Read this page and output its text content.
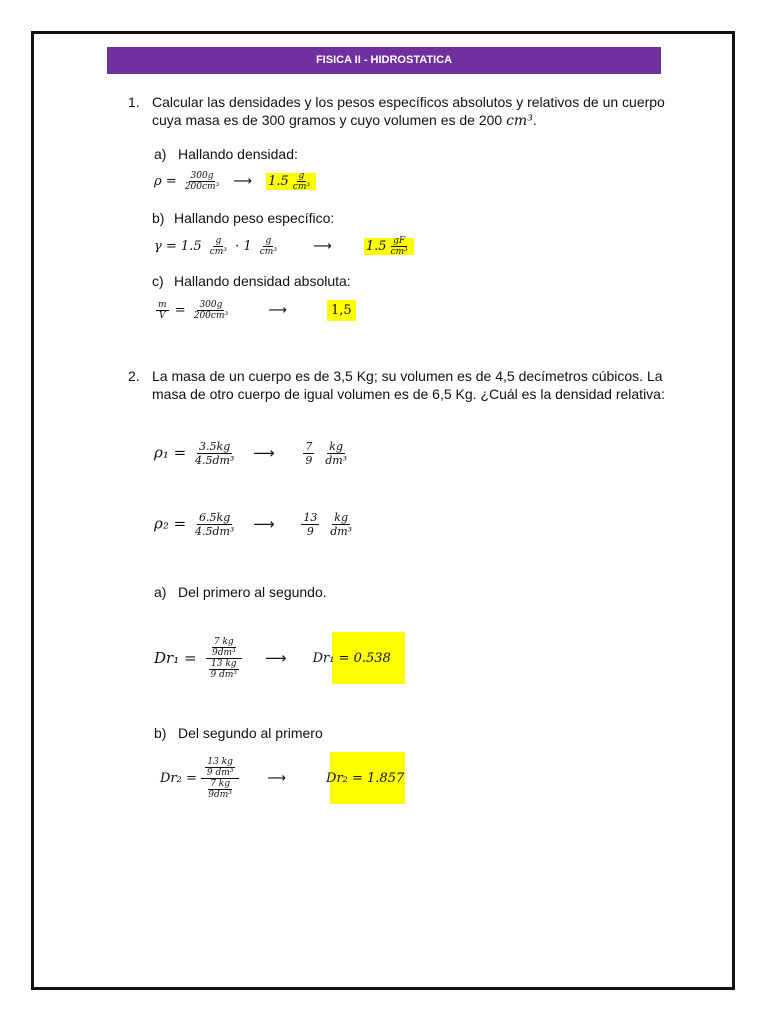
FISICA II - HIDROSTATICA
1. Calcular las densidades y los pesos específicos absolutos y relativos de un cuerpo
cuya masa es de 300 gramos y cuyo volumen es de 200 cm³.
a) Hallando densidad:
$\rho = \frac{300g}{\text{200cm³}}$ ⟶ $1.5 \frac{g}{\text{cm³}}$
b) Hallando peso específico:
$\gamma = 1.5 \frac{g}{\text{cm³}} \cdot 1 \frac{g}{\text{cm³}}$	⟶	$1.5 \frac{gF}{\text{cm³}}$
c) Hallando densidad absoluta:
$\frac{m}{V} = \frac{300g}{\text{200cm³}}$	⟶	1,5
2. La masa de un cuerpo es de 3,5 Kg; su volumen es de 4,5 decímetros cúbicos. La
masa de otro cuerpo de igual volumen es de 6,5 Kg. ¿Cuál es la densidad relativa:
$\rho_1 = \frac{3.5kg}{\text{4.5dm³}}$ ⟶	$\frac{7}{9}$
$\frac{kg}{\text{dm³}}$
$\rho_2 = \frac{6.5kg}{\text{4.5dm³}}$ ⟶ $\frac{13}{9}$
$\frac{kg}{\text{dm³}}$
a) Del primero al segundo.
$Dr_1 = \frac{\frac{7 kg}{\text{9dm³}}}{\frac{13 kg}{\text{9 dm³}}}$ ⟶ Dr₁ = 0.538
b) Del segundo al primero
$Dr_2 = \frac{\frac{13 kg}{\text{9 dm³}}}{\frac{7 kg}{\text{9dm³}}}$ ⟶	Dr₂ = 1.857
